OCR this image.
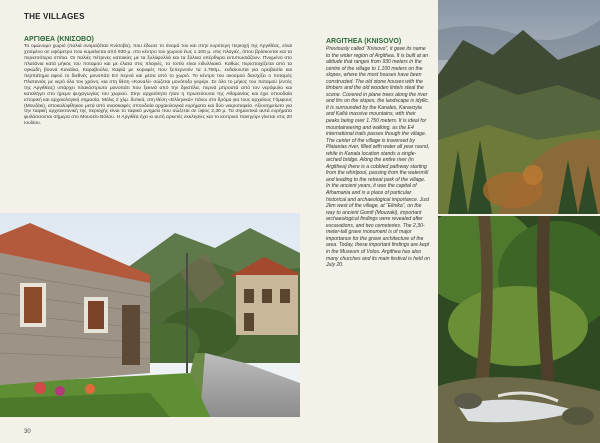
THE VILLAGES
ΑΡΓΙΘΕΑ (ΚΝΙΣΟΒΟ)
Το ομώνυμο χωριό (παλιά ονομαζόταν Κνίσοβο), που έδωσε το όνομά του και στην ευρύτερη περιοχή της Αργιθέας, είναι χτισμένο σε υψόμετρο που κυμαίνεται από 930 μ. στο κέντρο του χωριού έως 1.100 μ. στις πλαγιές, όπου βρίσκονται και τα περισσότερα σπίτια. Οι παλιές πέτρινες κατοικίες με τα ξυλόφυλλά και τα ξύλινα υπέρθυρα εντυπωσιάζουν. Πνιγμένο στο πλατάνια κατά μήκος του ποταμού και με έλατα στις πλαγιές, το τοπίο είναι ειδυλλιακό. Καθώς περιστοιχίζεται από τα ογκώδη βουνά Κανάλια, Καραβούλα, Καφίά με κορυφές που ξεπερνούν τα 1.750μ., ενδείκνυται για ορειβασία και περπάτημα αφού το διεθνές μονοπάτι Ε4 περνά και μέσα από το χωριό. Το κέντρο του οικισμού διασχίζει ο ποταμός Πλατανιάς με νερό όλο τον χρόνο, και στη θέση «Καναλί» σώζεται μονότοξο γεφύρι. Σε όλο το μήκος του ποταμού (εντός της Αργιθέας) υπάρχει πλακόστρωτο μονοπάτι που ξεκινά από την δριστίλα, περνά μπροστά από τον νερόμυλο και καταλήγει στο ήρεμο ψυχαγωγίας του χωριού. Στην αρχαιότητα ήταν η πρωτεύουσα της Αθαμανίας και έχει σπουδαία ιστορική και αρχαιολογική σημασία. Μόλις 2 χλμ. δυτικά, στη θέση «Ελληνικά» πάνω στο δρόμο για τους αρχαίους Γόμφους (Μουζάκι), αποκαλύφθηκαν μετά από ανασκαφές σπουδαία αρχαιολογικά ευρήματα και δύο νεκροταφεία. Αξιοσημείωτο για την ταφική αρχιτεκτονική της περιοχής είναι το ταφικό μνημείο που σώζεται σε ύψος 2,30 μ. Τα σημαντικά αυτά ευρήματα φυλάσσονται σήμερα στο Μουσείο Βόλου. Η Αργιθέα έχει κι αυτή αρκετές εκκλησίες και το κεντρικό πανηγύρι γίνεται στις 20 Ιουλίου.
ARGITHEA (KNISOVO)
Previously called “Knisovo”, it gave its name to the wider region of Argithea. It is built at an altitude that ranges from 930 meters in the centre of the village to 1.100 meters on the slopes, where the most houses have been constructed. The old stone houses with the timbers and the old wooden lintels steal the scene. Covered in plane trees along the river and firs on the slopes, the landscape is idyllic. It is surrounded by the Kanales, Karavoyla and Kafiá massive mountains, with their peaks being over 1.750 meters. It is ideal for mountaineering and walking, as the E4 international trails passes though the village. The center of the village is traversed by Platanias river, filled with water all year round, while in Kanala location stands a single-arched bridge. Along the entire river (in Argithea) there is a cobbled pathway starting from the whirlpool, passing from the watermill and leading to the retreat park of the village. In the ancient years, it was the capital of Athamania and is a place of particular historical and archaeological importance. Just 2km west of the village, at “Elinika”, on the way to ancient Gomfi (Mouzaki), important archaeological findings were revealed after excavations, and two cemeteries. The 2,30-meter-tall grave monument is of major importance for the grave architecture of the area. Today, these important findings are kept in the Museum of Volos. Argithea has also many churches and its main festival is held on July 20.
30
